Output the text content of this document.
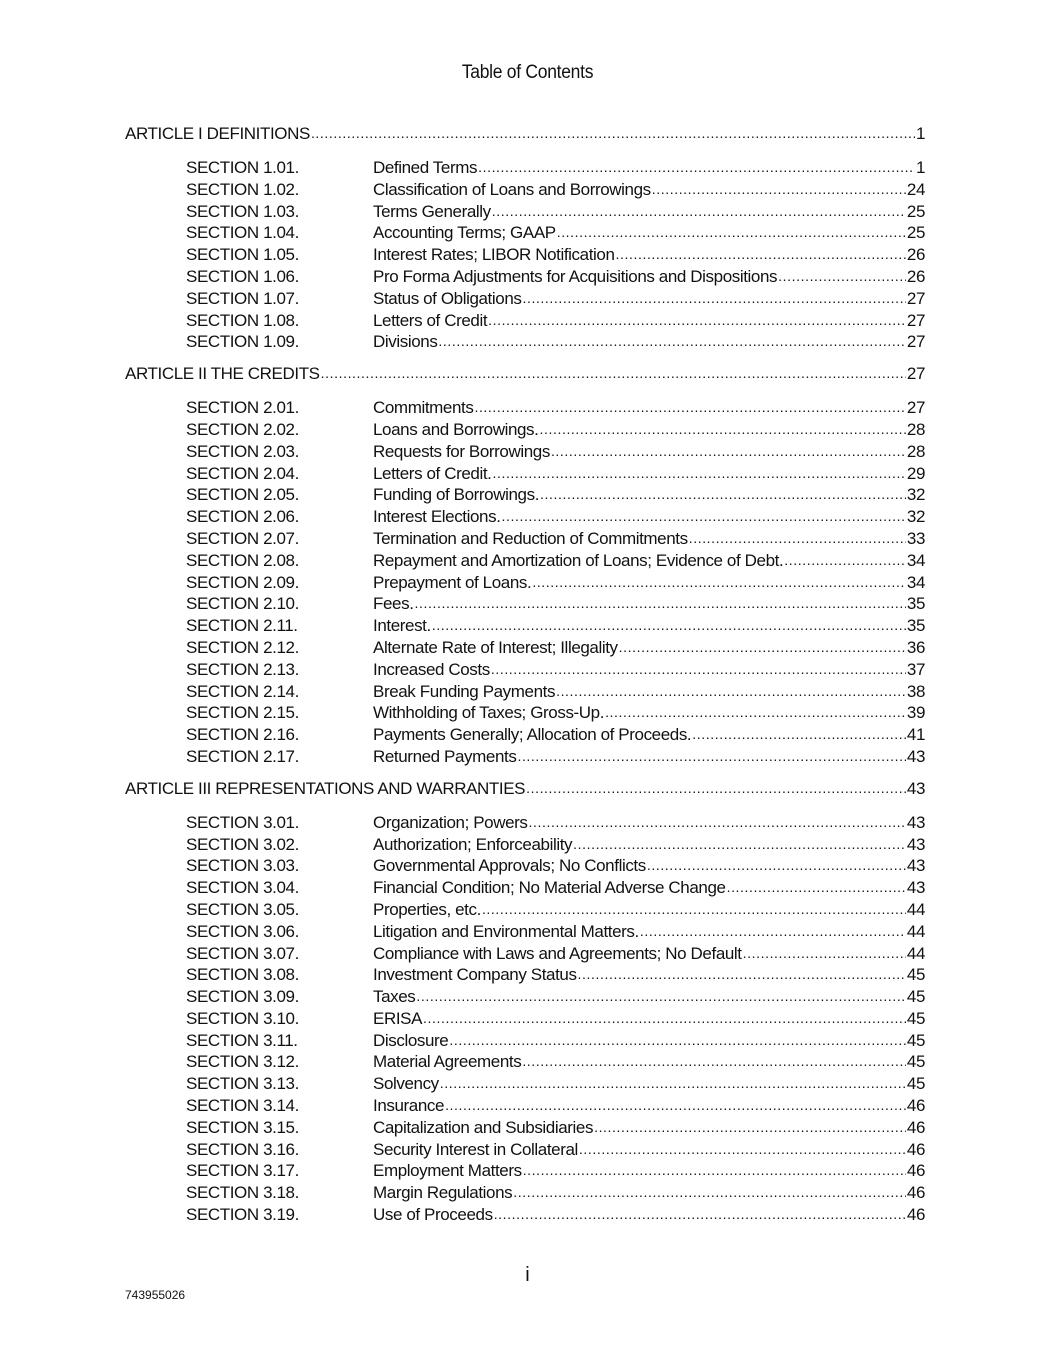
Table of Contents
ARTICLE I DEFINITIONS .....	1
SECTION 1.01.	Defined Terms .....	1
SECTION 1.02.	Classification of Loans and Borrowings .....	24
SECTION 1.03.	Terms Generally .....	25
SECTION 1.04.	Accounting Terms; GAAP .....	25
SECTION 1.05.	Interest Rates; LIBOR Notification .....	26
SECTION 1.06.	Pro Forma Adjustments for Acquisitions and Dispositions .....	26
SECTION 1.07.	Status of Obligations .....	27
SECTION 1.08.	Letters of Credit .....	27
SECTION 1.09.	Divisions .....	27
ARTICLE II THE CREDITS .....	27
SECTION 2.01.	Commitments .....	27
SECTION 2.02.	Loans and Borrowings. .....	28
SECTION 2.03.	Requests for Borrowings .....	28
SECTION 2.04.	Letters of Credit. .....	29
SECTION 2.05.	Funding of Borrowings. .....	32
SECTION 2.06.	Interest Elections. .....	32
SECTION 2.07.	Termination and Reduction of Commitments .....	33
SECTION 2.08.	Repayment and Amortization of Loans; Evidence of Debt. .....	34
SECTION 2.09.	Prepayment of Loans. .....	34
SECTION 2.10.	Fees. .....	35
SECTION 2.11.	Interest. .....	35
SECTION 2.12.	Alternate Rate of Interest; Illegality .....	36
SECTION 2.13.	Increased Costs .....	37
SECTION 2.14.	Break Funding Payments .....	38
SECTION 2.15.	Withholding of Taxes; Gross-Up. .....	39
SECTION 2.16.	Payments Generally; Allocation of Proceeds. .....	41
SECTION 2.17.	Returned Payments .....	43
ARTICLE III REPRESENTATIONS AND WARRANTIES .....	43
SECTION 3.01.	Organization; Powers .....	43
SECTION 3.02.	Authorization; Enforceability .....	43
SECTION 3.03.	Governmental Approvals; No Conflicts .....	43
SECTION 3.04.	Financial Condition; No Material Adverse Change .....	43
SECTION 3.05.	Properties, etc. .....	44
SECTION 3.06.	Litigation and Environmental Matters. .....	44
SECTION 3.07.	Compliance with Laws and Agreements; No Default .....	44
SECTION 3.08.	Investment Company Status .....	45
SECTION 3.09.	Taxes .....	45
SECTION 3.10.	ERISA .....	45
SECTION 3.11.	Disclosure .....	45
SECTION 3.12.	Material Agreements .....	45
SECTION 3.13.	Solvency .....	45
SECTION 3.14.	Insurance .....	46
SECTION 3.15.	Capitalization and Subsidiaries .....	46
SECTION 3.16.	Security Interest in Collateral .....	46
SECTION 3.17.	Employment Matters .....	46
SECTION 3.18.	Margin Regulations .....	46
SECTION 3.19.	Use of Proceeds .....	46
i
743955026
